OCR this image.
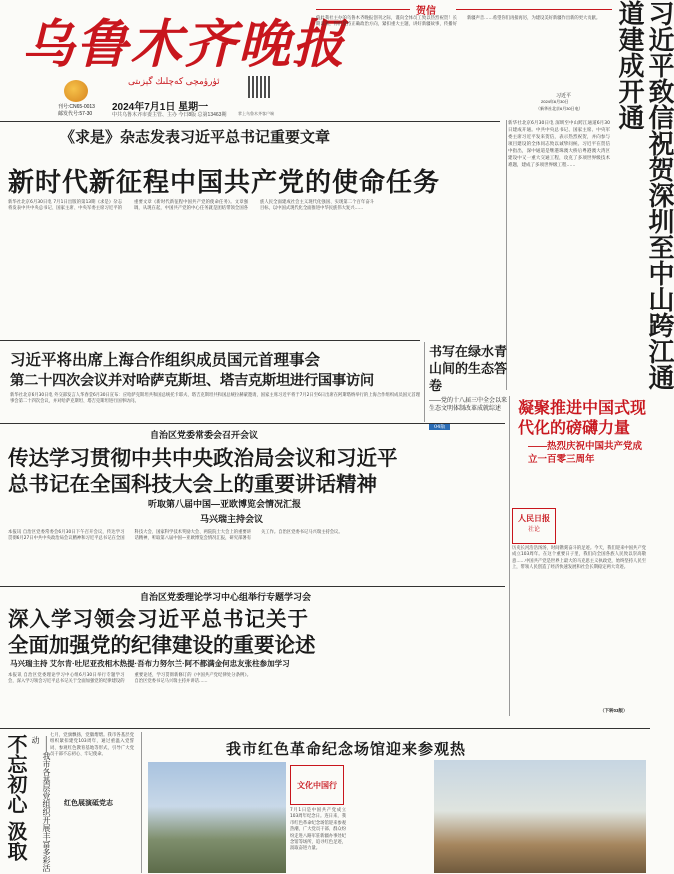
乌鲁木齐晚报
ئۈرۈمچى كەچلىك گېزىتى
刊号:CN65-0013
邮发代号:57-30
2024年7月1日 星期一
中共乌鲁木齐市委主管、主办 今日8版 总第13463期	掌上乌鲁木齐客户端
贺信
值此我社主办的乌鲁木齐晚报创刊之际，谨向全体员工致以热烈祝贺！长期以来，你们坚持正确政治方向，紧扣重大主题，讲好新疆故事，传播好新疆声音……希望你们再接再厉，为建设美好新疆作出新的更大贡献。
习近平
2024年6月30日
（新华社北京6月30日电）	习近平致信祝贺深圳至中山跨江通道建成开通
新华社北京6月30日电 深圳至中山跨江通道6月30日建成开通。中共中央总书记、国家主席、中央军委主席习近平发来贺信，表示热烈祝贺，并向参与项目建设的全体同志致以诚挚问候。习近平在贺信中指出，深中通道是继港珠澳大桥后粤港澳大湾区建设中又一重大交通工程，攻克了多项世界级技术难题，建成了多项世界级工程……
《求是》杂志发表习近平总书记重要文章
新时代新征程中国共产党的使命任务
新华社北京6月30日电 7月1日出版的第13期《求是》杂志将发表中共中央总书记、国家主席、中央军委主席习近平的重要文章《新时代新征程中国共产党的使命任务》。文章强调，从现在起，中国共产党的中心任务就是团结带领全国各族人民全面建成社会主义现代化强国、实现第二个百年奋斗目标，以中国式现代化全面推进中华民族伟大复兴……
习近平将出席上海合作组织成员国元首理事会
第二十四次会议并对哈萨克斯坦、塔吉克斯坦进行国事访问
新华社北京6月30日电 外交部发言人华春莹6月30日宣布：应哈萨克斯坦共和国总统托卡耶夫、塔吉克斯坦共和国总统拉赫蒙邀请，国家主席习近平将于7月2日至6日出席在阿斯塔纳举行的上海合作组织成员国元首理事会第二十四次会议，并对哈萨克斯坦、塔吉克斯坦进行国事访问。
书写在绿水青山间的生态答卷
——党的十八届三中全会以来生态文明体制改革成就综述
04版
自治区党委常委会召开会议
传达学习贯彻中共中央政治局会议和习近平
总书记在全国科技大会上的重要讲话精神
听取第八届中国—亚欧博览会情况汇报
马兴瑞主持会议
本报讯 自治区党委常委会6月30日下午召开会议，传达学习贯彻6月27日中共中央政治局会议精神和习近平总书记在全国科技大会、国家科学技术奖励大会、两院院士大会上的重要讲话精神，听取第八届中国—亚欧博览会情况汇报，研究部署有关工作。自治区党委书记马兴瑞主持会议。
自治区党委理论学习中心组举行专题学习会
深入学习领会习近平总书记关于
全面加强党的纪律建设的重要论述
马兴瑞主持 艾尔肯·吐尼亚孜相木热提·吾布力努尔兰·阿不都满金何忠友张柱参加学习
本报讯 自治区党委理论学习中心组6月30日举行专题学习会，深入学习领会习近平总书记关于全面加强党的纪律建设的重要论述，学习贯彻新修订的《中国共产党纪律处分条例》。自治区党委书记马兴瑞主持并讲话……
凝聚推进中国式现代化的磅礴力量
——热烈庆祝中国共产党成立一百零三周年
人民日报
社论
历史长河浩浩汤汤，时间镌刻奋斗的足迹。今天，我们迎来中国共产党成立103周年。在这个重要日子里，我们向全国各族人民致以崇高敬意……中国共产党是世界上最大的马克思主义执政党，始终坚持人民至上，带领人民创造了经济快速发展和社会长期稳定两大奇迹。
（下转03版）
不忘初心 汲取	——我市各基层党组织开展丰富多彩活动
七月，党旗飘扬，党徽熠熠。我市各基层党组织紧扣建党103周年，通过重温入党誓词、参观红色教育基地等形式，引导广大党员干部不忘初心、牢记使命。
红色展演砥党志
我市红色革命纪念场馆迎来参观热
文化中国行
7月1日是中国共产党成立103周年纪念日。连日来，我市红色革命纪念场馆迎来参观热潮，广大党员干部、群众纷纷走进八路军驻新疆办事处纪念馆等场所，追寻红色足迹，汲取奋进力量。
